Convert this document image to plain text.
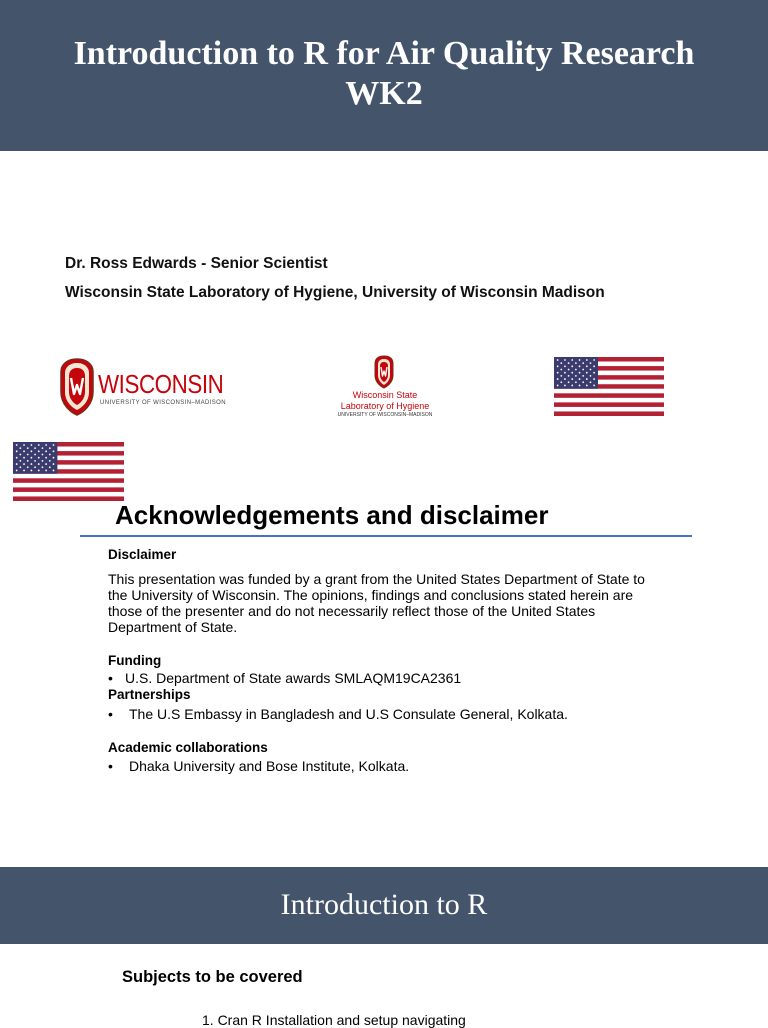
Introduction to R for Air Quality Research
WK2
Dr. Ross Edwards - Senior Scientist
Wisconsin State Laboratory of Hygiene, University of Wisconsin Madison
WISCONSIN
UNIVERSITY OF WISCONSIN–MADISON
Wisconsin State
Laboratory of Hygiene
UNIVERSITY OF WISCONSIN–MADISON
Acknowledgements and disclaimer
Disclaimer
This presentation was funded by a grant from the United States Department of State to the University of Wisconsin. The opinions, findings and conclusions stated herein are those of the presenter and do not necessarily reflect those of the United States Department of State.
Funding
• U.S. Department of State awards SMLAQM19CA2361
Partnerships
• The U.S Embassy in Bangladesh and U.S Consulate General, Kolkata.
Academic collaborations
• Dhaka University and Bose Institute, Kolkata.
Introduction to R
Subjects to be covered
1. Cran R Installation and setup navigating
